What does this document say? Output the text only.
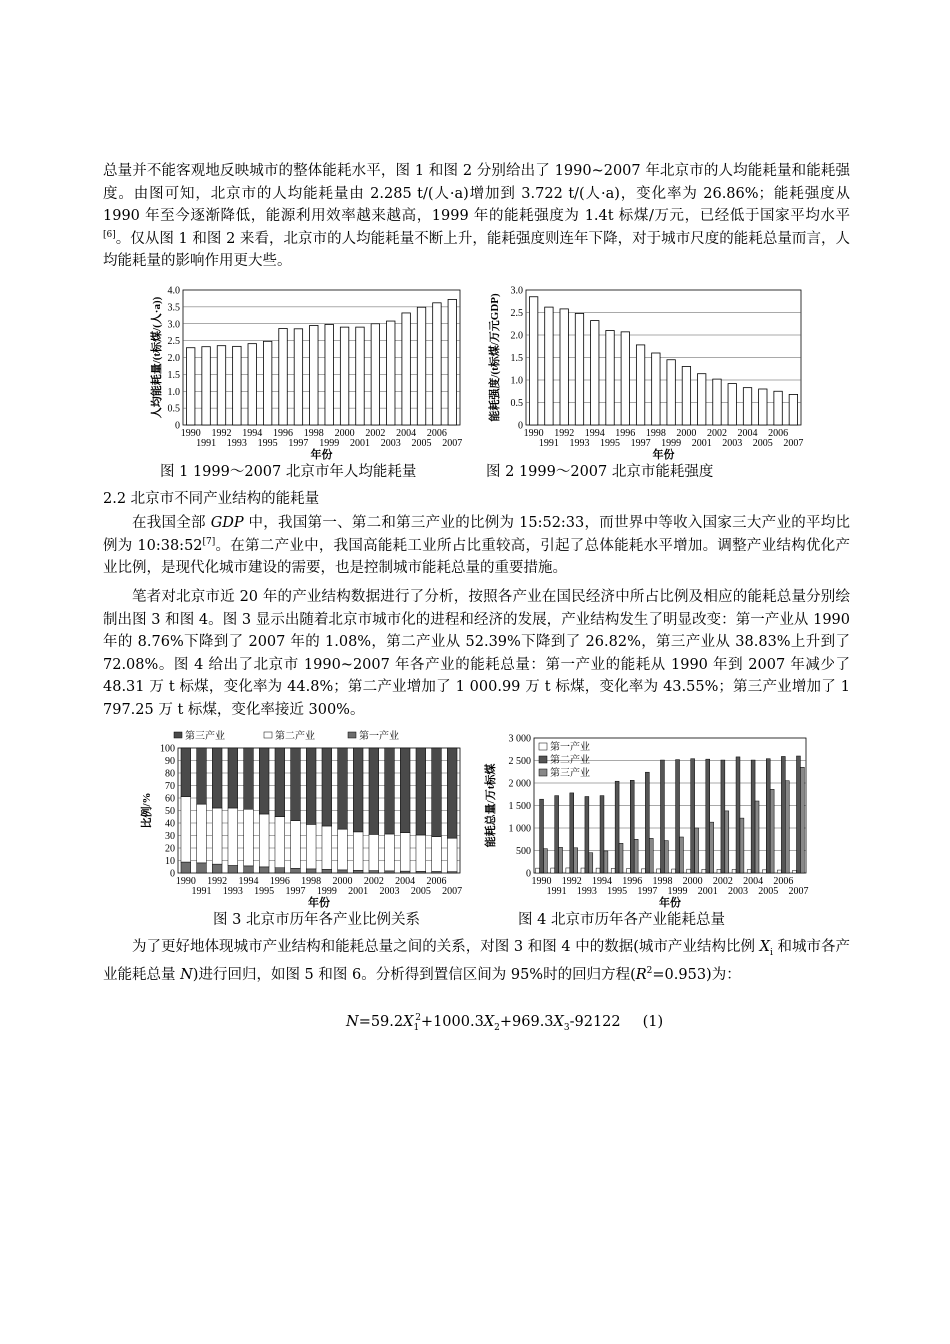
总量并不能客观地反映城市的整体能耗水平，图 1 和图 2 分别给出了 1990~2007 年北京市的人均能耗量和能耗强度。由图可知，北京市的人均能耗量由 2.285 t/(人·a)增加到 3.722 t/(人·a)，变化率为 26.86%；能耗强度从 1990 年至今逐渐降低，能源利用效率越来越高，1999 年的能耗强度为 1.4t 标煤/万元，已经低于国家平均水平[6]。仅从图 1 和图 2 来看，北京市的人均能耗量不断上升，能耗强度则连年下降，对于城市尺度的能耗总量而言，人均能耗量的影响作用更大些。
0
0.5
1.0
1.5
2.0
2.5
3.0
3.5
4.0
1990 1992 1994 1996 1998 2000 2002 2004 2006
1991 1993 1995 1997 1999 2001 2003 2005 2007
年份
人均能耗量/(t标煤/(人·a))
0
0.5
1.0
1.5
2.0
2.5
3.0
1990 1992 1994 1996 1998 2000 2002 2004 2006
1991 1993 1995 1997 1999 2001 2003 2005 2007
年份
能耗强度/(t标煤/万元GDP)
图 1 1999～2007 北京市年人均能耗量	图 2 1999～2007 北京市能耗强度
2.2 北京市不同产业结构的能耗量
在我国全部 GDP 中，我国第一、第二和第三产业的比例为 15:52:33，而世界中等收入国家三大产业的平均比例为 10:38:52[7]。在第二产业中，我国高能耗工业所占比重较高，引起了总体能耗水平增加。调整产业结构优化产业比例，是现代化城市建设的需要，也是控制城市能耗总量的重要措施。
笔者对北京市近 20 年的产业结构数据进行了分析，按照各产业在国民经济中所占比例及相应的能耗总量分别绘制出图 3 和图 4。图 3 显示出随着北京市城市化的进程和经济的发展，产业结构发生了明显改变：第一产业从 1990 年的 8.76%下降到了 2007 年的 1.08%，第二产业从 52.39%下降到了 26.82%，第三产业从 38.83%上升到了 72.08%。图 4 给出了北京市 1990~2007 年各产业的能耗总量：第一产业的能耗从 1990 年到 2007 年减少了 48.31 万 t 标煤，变化率为 44.8%；第二产业增加了 1 000.99 万 t 标煤，变化率为 43.55%；第三产业增加了 1 797.25 万 t 标煤，变化率接近 300%。
0
10
20
30
40
50
60
70
80
90
100
1990 1992 1994 1996 1998 2000 2002 2004 2006
1991 1993 1995 1997 1999 2001 2003 2005 2007
年份
比例/%
第三产业	第二产业	第一产业
0
500
1 000
1 500
2 000
2 500
3 000
1990 1992 1994 1996 1998 2000 2002 2004 2006
1991 1993 1995 1997 1999 2001 2003 2005 2007
年份
能耗总量/万t标煤
第一产业
第二产业
第三产业
图 3 北京市历年各产业比例关系	图 4 北京市历年各产业能耗总量
为了更好地体现城市产业结构和能耗总量之间的关系，对图 3 和图 4 中的数据(城市产业结构比例 $X_i$ 和城市各产业能耗总量 N)进行回归，如图 5 和图 6。分析得到置信区间为 95%时的回归方程$(R^2=0.953)$为：
$N=59.2X_1^2+1000.3X_2+969.3X_3-92122$ (1)
